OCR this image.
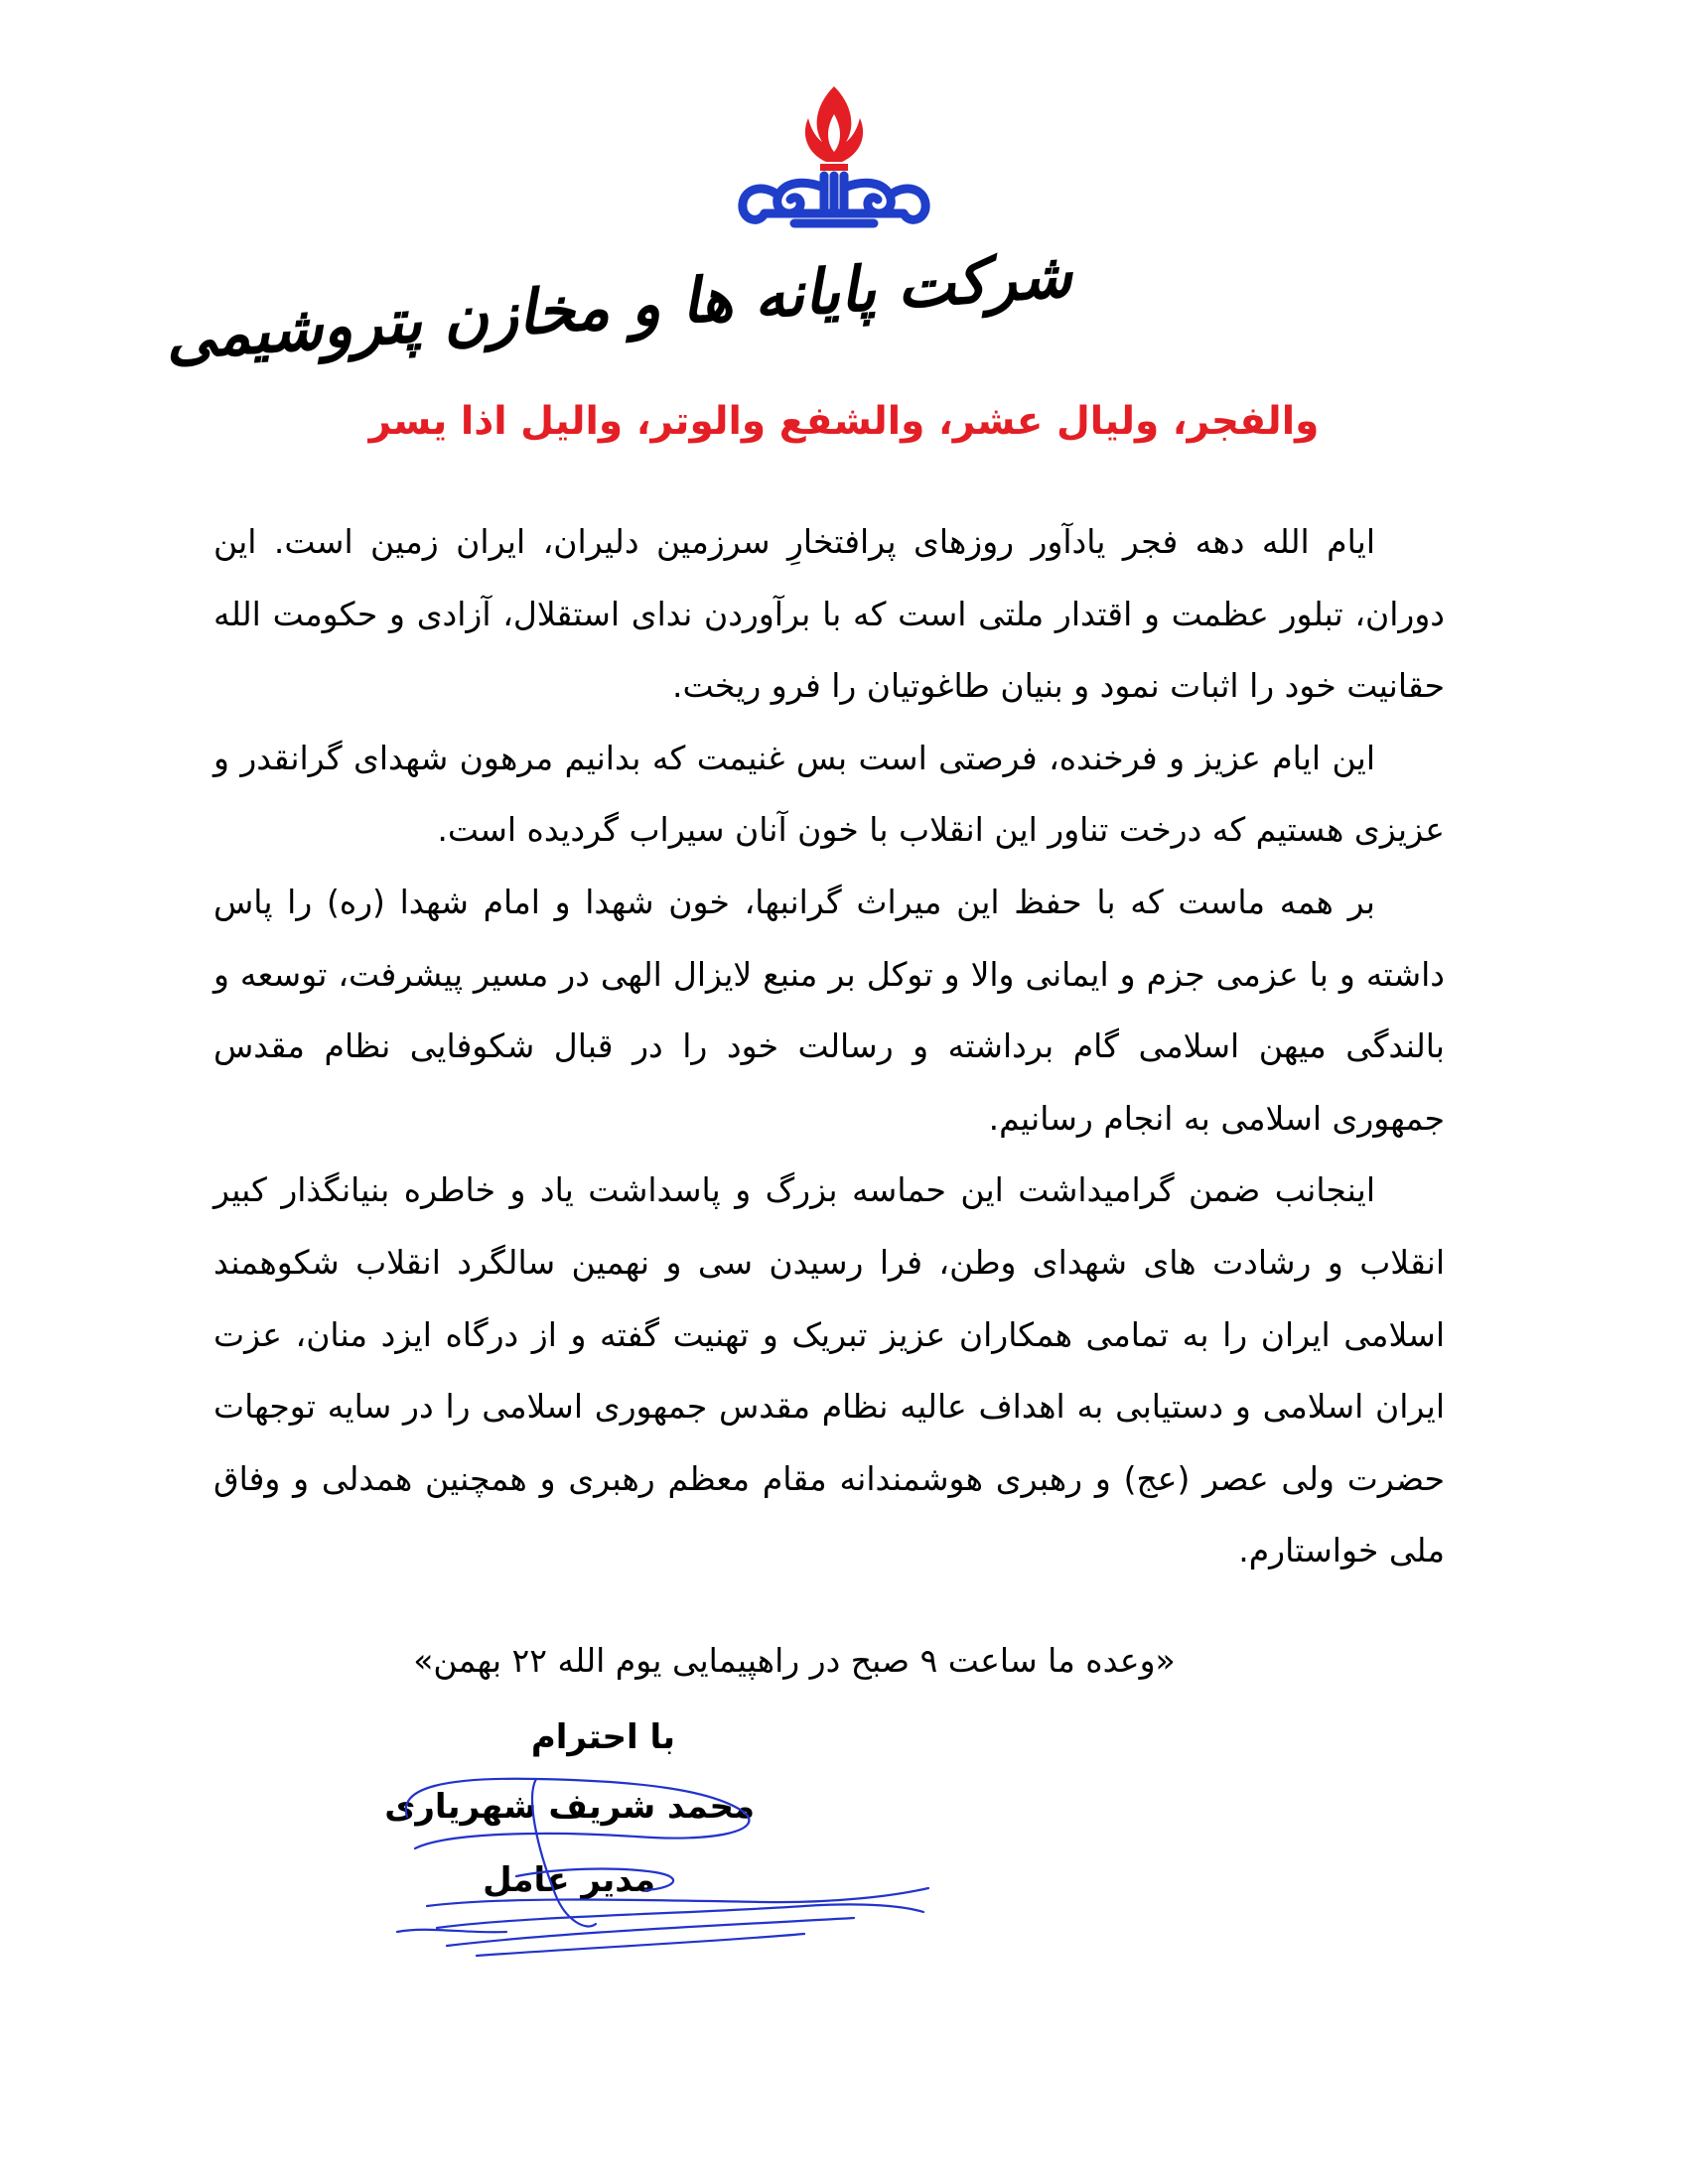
شرکت پایانه ها و مخازن پتروشیمی
والفجر، ولیال عشر، والشفع والوتر، والیل اذا یسر

ایام الله دهه فجر یادآور روزهای پرافتخارِ سرزمین دلیران، ایران زمین است. این دوران، تبلور عظمت و اقتدار ملتی است که با برآوردن ندای استقلال، آزادی و حکومت الله حقانیت خود را اثبات نمود و بنیان طاغوتیان را فرو ریخت.

این ایام عزیز و فرخنده، فرصتی است بس غنیمت که بدانیم مرهون شهدای گرانقدر و عزیزی هستیم که درخت تناور این انقلاب با خون آنان سیراب گردیده است.

بر همه ماست که با حفظ این میراث گرانبها، خون شهدا و امام شهدا (ره) را پاس داشته و با عزمی جزم و ایمانی والا و توکل بر منبع لایزال الهی در مسیر پیشرفت، توسعه و بالندگی میهن اسلامی گام برداشته و رسالت خود را در قبال شکوفایی نظام مقدس جمهوری اسلامی به انجام رسانیم.

اینجانب ضمن گرامیداشت این حماسه بزرگ و پاسداشت یاد و خاطره بنیانگذار کبیر انقلاب و رشادت های شهدای وطن، فرا رسیدن سی و نهمین سالگرد انقلاب شکوهمند اسلامی ایران را به تمامی همکاران عزیز تبریک و تهنیت گفته و از درگاه ایزد منان، عزت ایران اسلامی و دستیابی به اهداف عالیه نظام مقدس جمهوری اسلامی را در سایه توجهات حضرت ولی عصر (عج) و رهبری هوشمندانه مقام معظم رهبری و همچنین همدلی و وفاق ملی خواستارم.

«وعده ما ساعت ۹ صبح در راهپیمایی یوم الله ۲۲ بهمن»
با احترام
محمد شریف شهریاری
مدیر عامل
